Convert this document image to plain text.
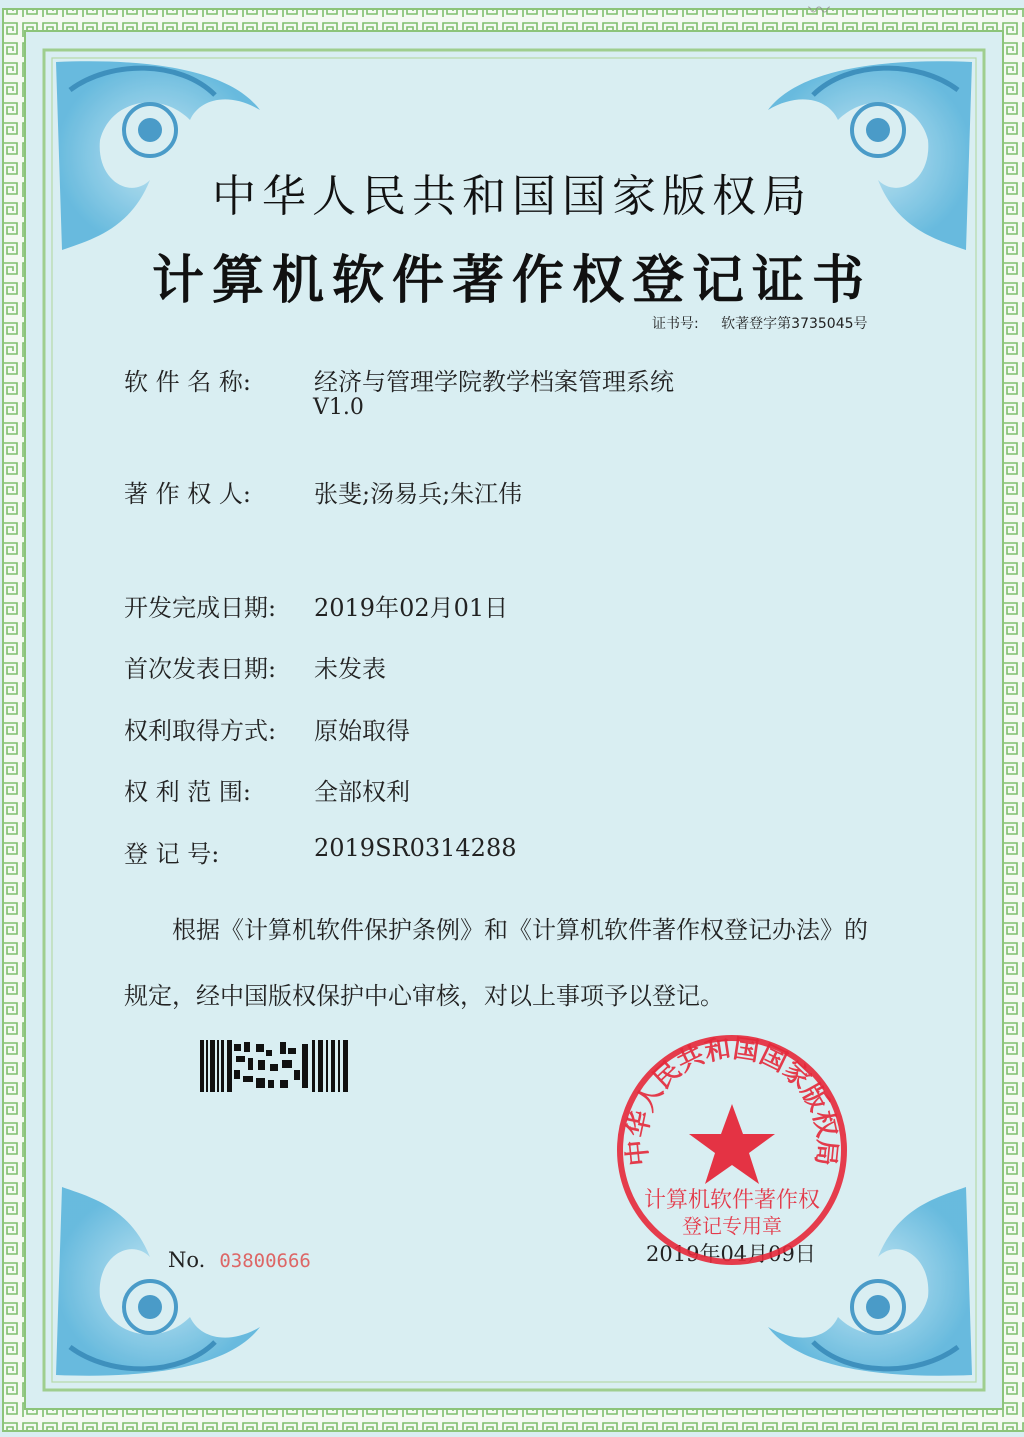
〰
中华人民共和国国家版权局
计算机软件著作权登记证书
证书号: 软著登字第3735045号
软 件 名 称:	经济与管理学院教学档案管理系统
V1.0
著 作 权 人:	张斐;汤易兵;朱江伟
开发完成日期: 2019年02月01日
首次发表日期: 未发表
权利取得方式: 原始取得
权 利 范 围:	全部权利
登 记 号:	2019SR0314288
根据《计算机软件保护条例》和《计算机软件著作权登记办法》的
规定，经中国版权保护中心审核，对以上事项予以登记。
No. 03800666	2019年04月09日
中华人民共和国国家版权局
计算机软件著作权
登记专用章
